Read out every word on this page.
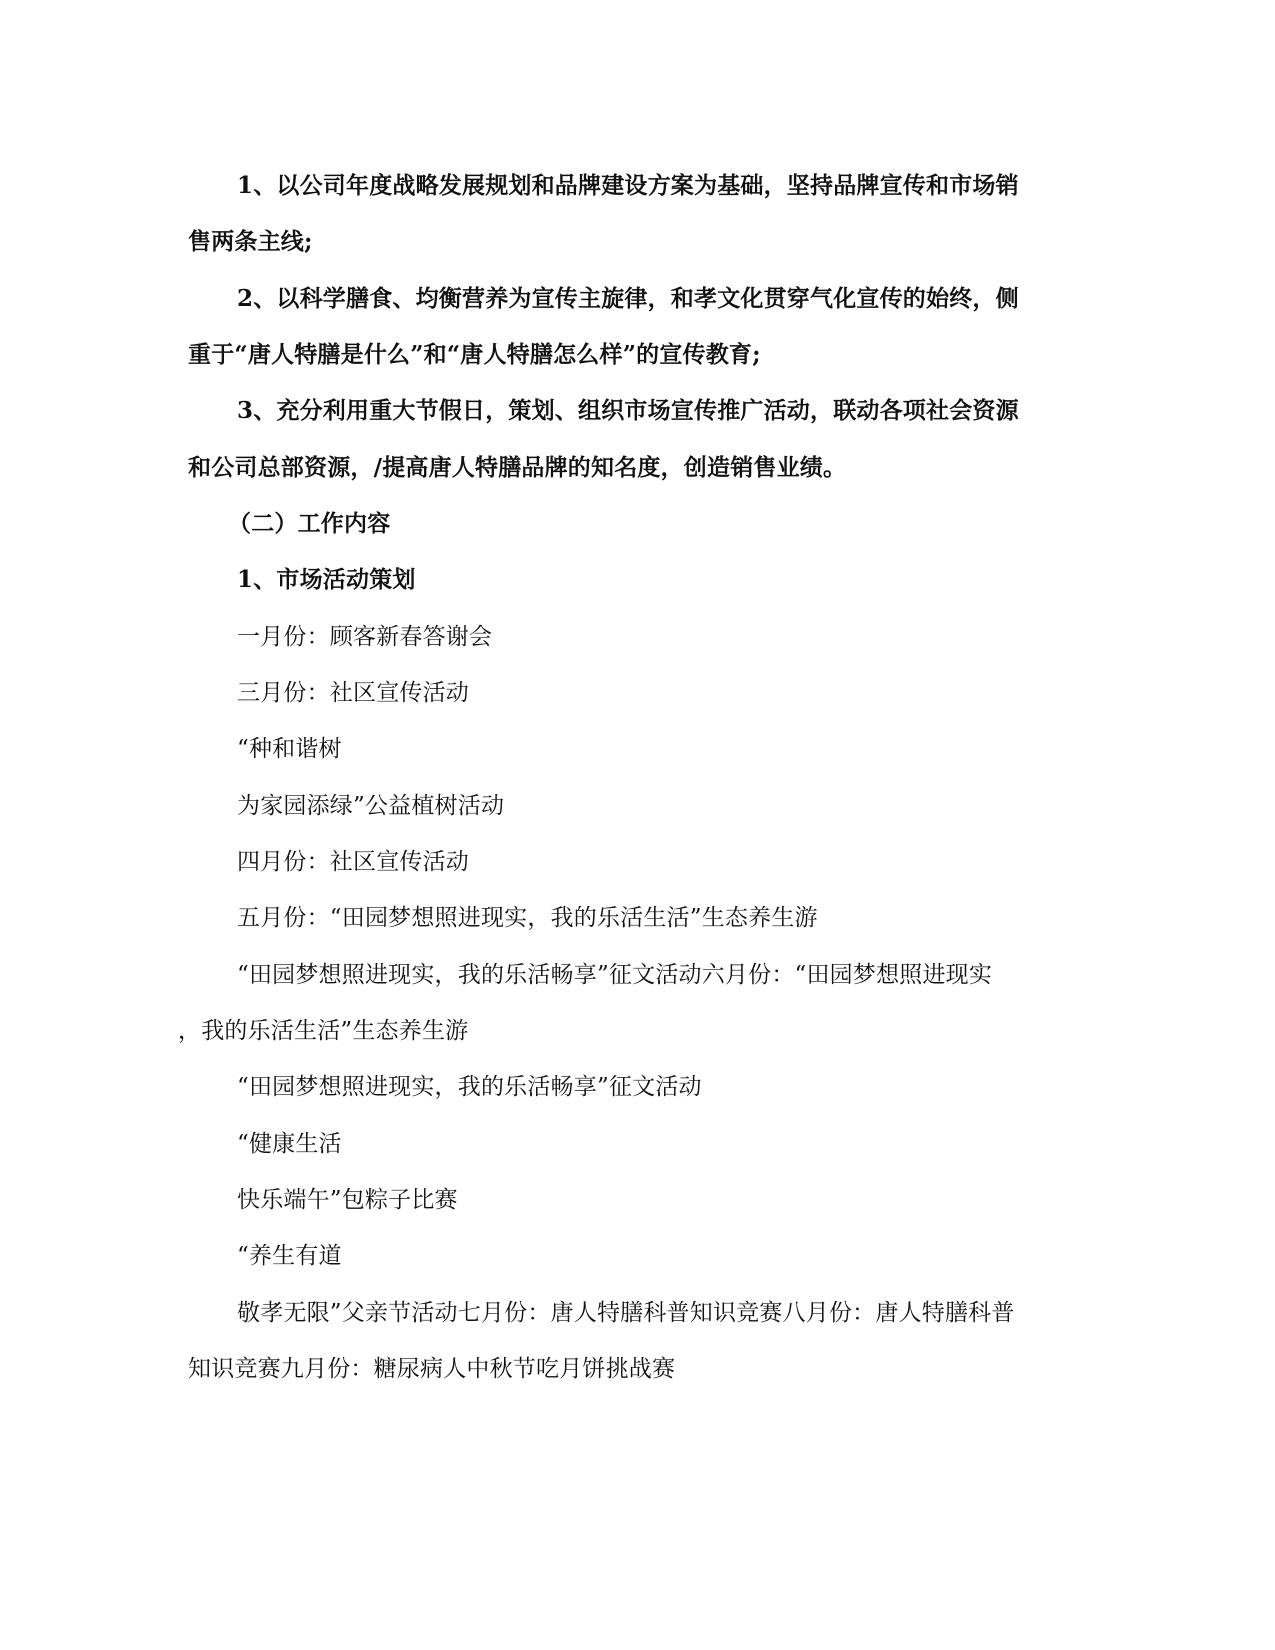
1、以公司年度战略发展规划和品牌建设方案为基础，坚持品牌宣传和市场销
售两条主线;
2、以科学膳食、均衡营养为宣传主旋律，和孝文化贯穿气化宣传的始终，侧
重于“唐人特膳是什么”和“唐人特膳怎么样”的宣传教育;
3、充分利用重大节假日，策划、组织市场宣传推广活动，联动各项社会资源
和公司总部资源，/提高唐人特膳品牌的知名度，创造销售业绩。
（二）工作内容
1、市场活动策划
一月份：顾客新春答谢会
三月份：社区宣传活动
“种和谐树
为家园添绿”公益植树活动
四月份：社区宣传活动
五月份：“田园梦想照进现实，我的乐活生活”生态养生游
“田园梦想照进现实，我的乐活畅享”征文活动六月份：“田园梦想照进现实
，我的乐活生活”生态养生游
“田园梦想照进现实，我的乐活畅享”征文活动
“健康生活
快乐端午”包粽子比赛
“养生有道
敬孝无限”父亲节活动七月份：唐人特膳科普知识竞赛八月份：唐人特膳科普
知识竞赛九月份：糖尿病人中秋节吃月饼挑战赛
